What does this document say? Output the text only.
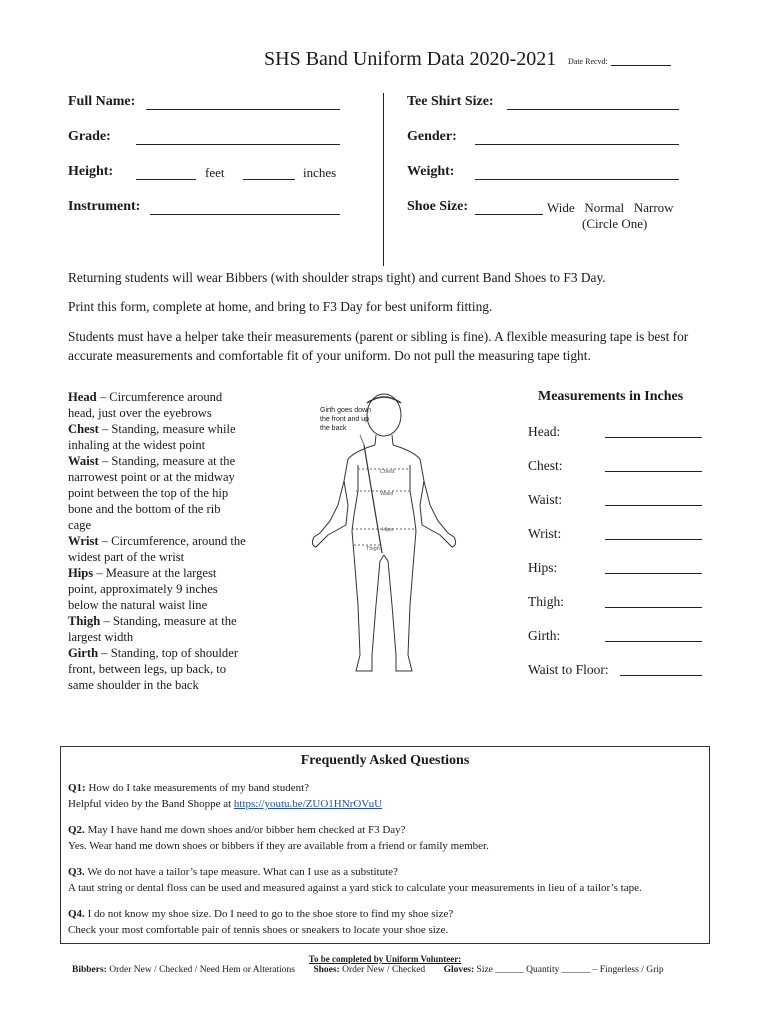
SHS Band Uniform Data 2020-2021 Date Recvd:
Full Name:
Grade:
Height:	feet	inches
Instrument:
Tee Shirt Size:
Gender:
Weight:
Shoe Size:	Wide   Normal   Narrow
(Circle One)
Returning students will wear Bibbers (with shoulder straps tight) and current Band Shoes to F3 Day.
Print this form, complete at home, and bring to F3 Day for best uniform fitting.
Students must have a helper take their measurements (parent or sibling is fine). A flexible measuring tape is best for accurate measurements and comfortable fit of your uniform. Do not pull the measuring tape tight.
Head – Circumference around head, just over the eyebrows
Chest – Standing, measure while inhaling at the widest point
Waist – Standing, measure at the narrowest point or at the midway point between the top of the hip bone and the bottom of the rib cage
Wrist – Circumference, around the widest part of the wrist
Hips – Measure at the largest point, approximately 9 inches below the natural waist line
Thigh – Standing, measure at the largest width
Girth – Standing, top of shoulder front, between legs, up back, to same shoulder in the back
Chest
Waist
Hips
Thigh
Girth goes down the front and up the back
Measurements in Inches
Head:
Chest:
Waist:
Wrist:
Hips:
Thigh:
Girth:
Waist to Floor:
Frequently Asked Questions
Q1: How do I take measurements of my band student?
Helpful video by the Band Shoppe at https://youtu.be/ZUO1HNrOVuU
Q2. May I have hand me down shoes and/or bibber hem checked at F3 Day?
Yes. Wear hand me down shoes or bibbers if they are available from a friend or family member.
Q3. We do not have a tailor’s tape measure. What can I use as a substitute?
A taut string or dental floss can be used and measured against a yard stick to calculate your measurements in lieu of a tailor’s tape.
Q4. I do not know my shoe size. Do I need to go to the shoe store to find my shoe size?
Check your most comfortable pair of tennis shoes or sneakers to locate your shoe size.
To be completed by Uniform Volunteer:
Bibbers: Order New / Checked / Need Hem or Alterations Shoes: Order New / Checked Gloves: Size ______ Quantity ______ – Fingerless / Grip
